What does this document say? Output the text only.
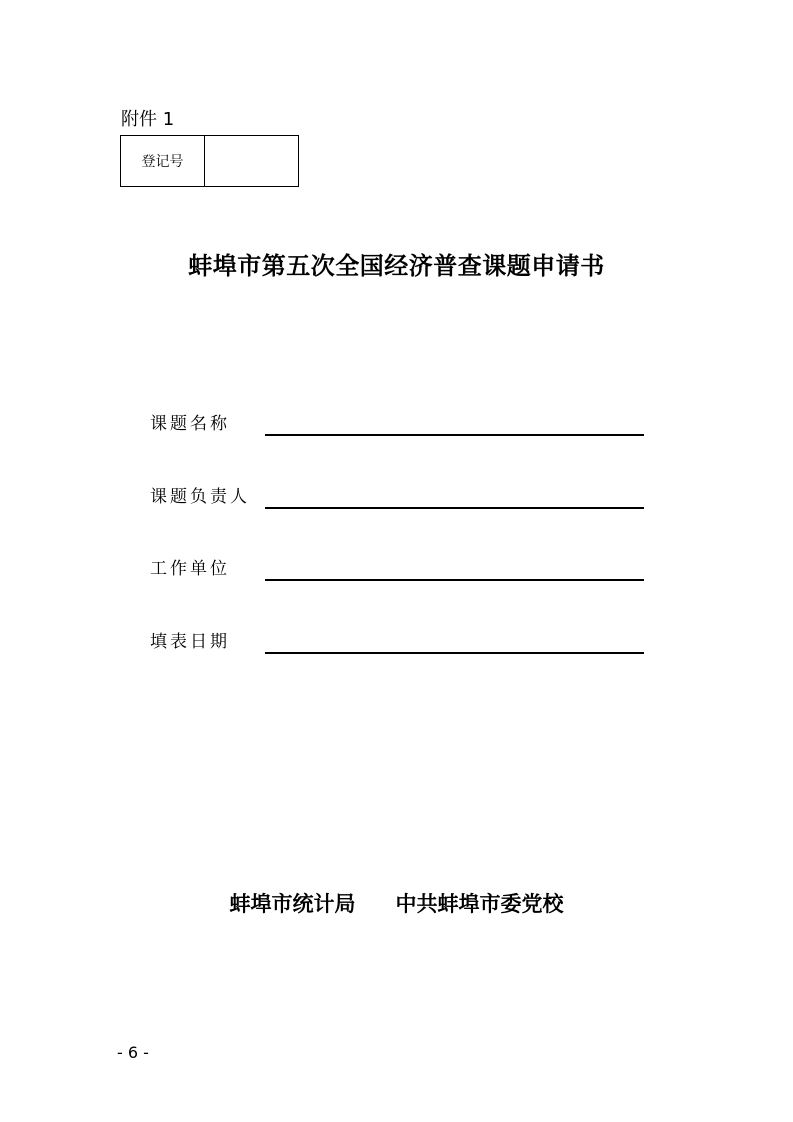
附件 1
登记号
蚌埠市第五次全国经济普查课题申请书
课题名称
课题负责人
工作单位
填表日期
蚌埠市统计局 中共蚌埠市委党校
- 6 -
